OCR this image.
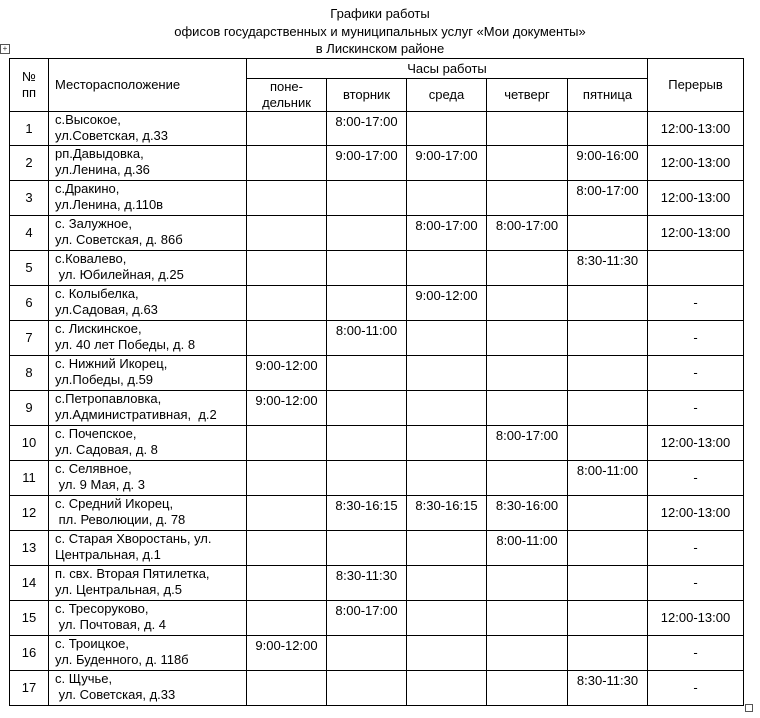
Графики работы
офисов государственных и муниципальных услуг «Мои документы»
в Лискинском районе
+
№
пп	Месторасположение	Часы работы					Перерыв
		поне-
дельник	вторник	среда	четверг	пятница	
1	с.Высокое,
ул.Советская, д.33		8:00-17:00				12:00-13:00
2	рп.Давыдовка,
ул.Ленина, д.36		9:00-17:00	9:00-17:00		9:00-16:00	12:00-13:00
3	с.Дракино,
ул.Ленина, д.110в					8:00-17:00	12:00-13:00
4	с. Залужное,
ул. Советская, д. 86б			8:00-17:00	8:00-17:00		12:00-13:00
5	с.Ковалево,
ул. Юбилейная, д.25					8:30-11:30	
6	с. Колыбелка,
ул.Садовая, д.63			9:00-12:00			-
7	с. Лискинское,
ул. 40 лет Победы, д. 8		8:00-11:00				-
8	с. Нижний Икорец,
ул.Победы, д.59	9:00-12:00					-
9	с.Петропавловка,
ул.Административная,  д.2	9:00-12:00					-
10	с. Почепское,
ул. Садовая, д. 8				8:00-17:00		12:00-13:00
11	с. Селявное,
ул. 9 Мая, д. 3					8:00-11:00	-
12	с. Средний Икорец,
пл. Революции, д. 78		8:30-16:15	8:30-16:15	8:30-16:00		12:00-13:00
13	с. Старая Хворостань, ул.
Центральная, д.1				8:00-11:00		-
14	п. свх. Вторая Пятилетка,
ул. Центральная, д.5		8:30-11:30				-
15	с. Тресоруково,
ул. Почтовая, д. 4		8:00-17:00				12:00-13:00
16	с. Троицкое,
ул. Буденного, д. 118б	9:00-12:00					-
17	с. Щучье,
ул. Советская, д.33					8:30-11:30	-
